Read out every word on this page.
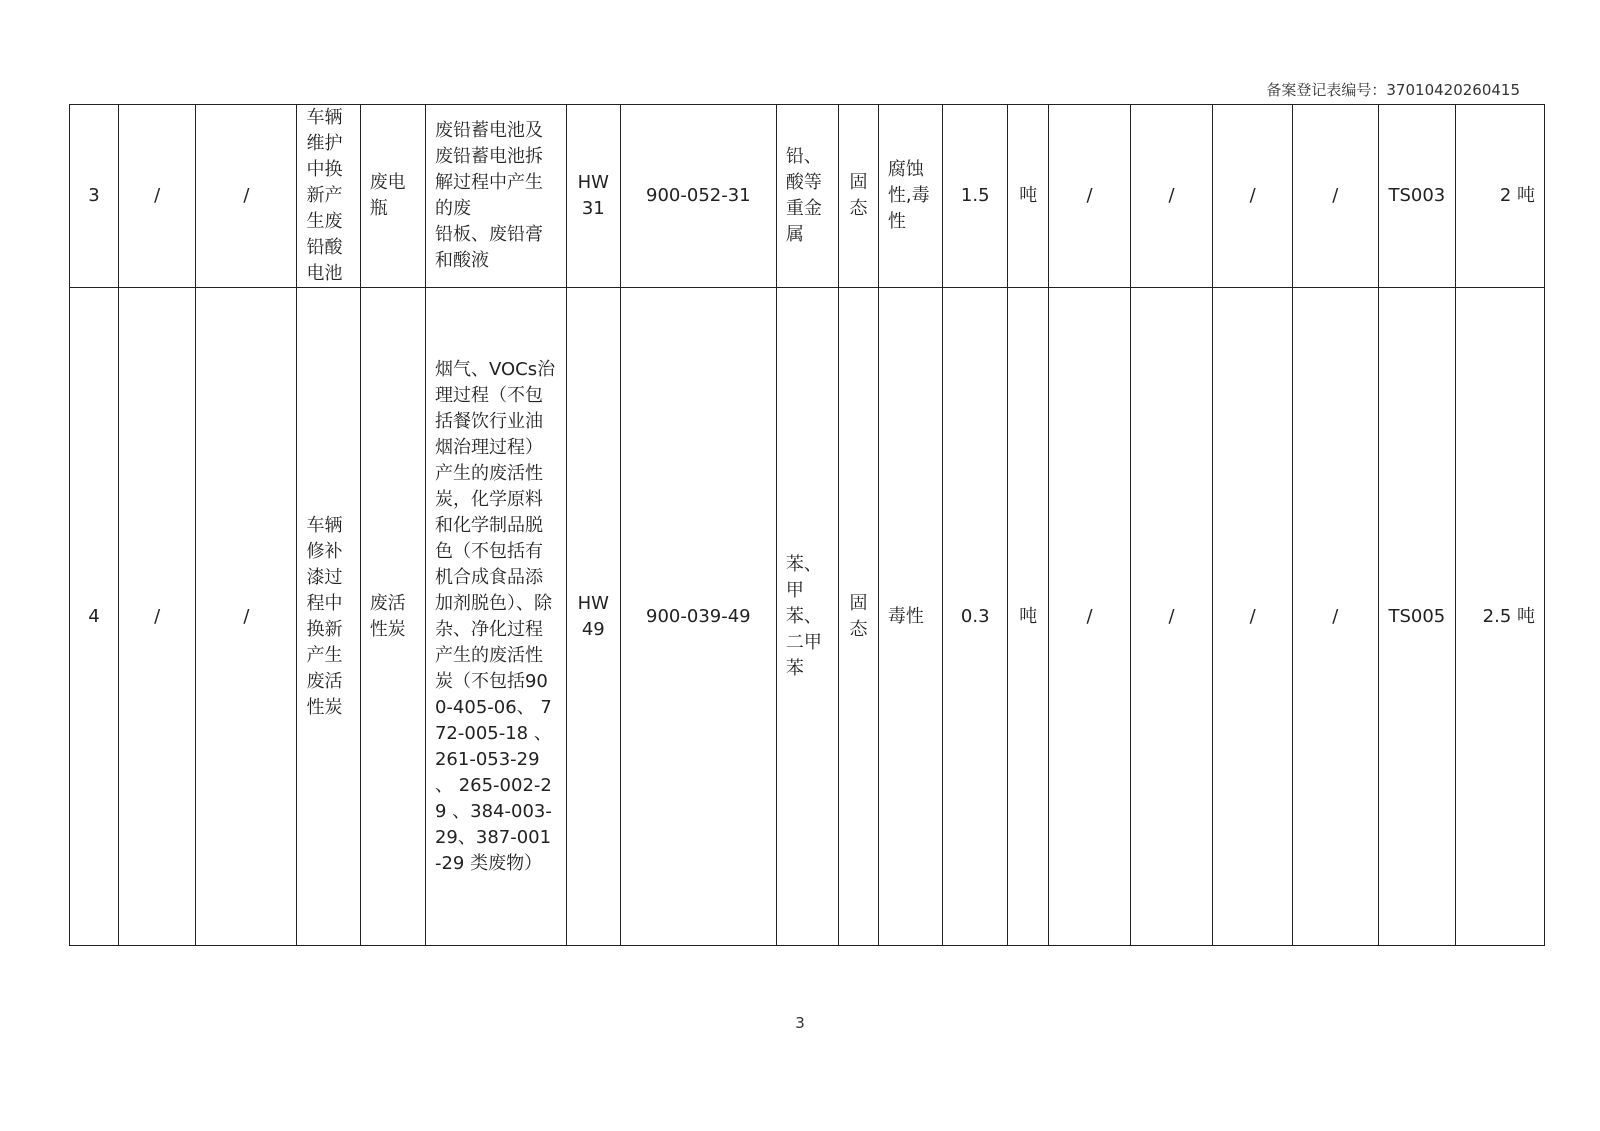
备案登记表编号：37010420260415
3	/	/	车辆维护中换新产生废铅酸电池	废电瓶	废铅蓄电池及废铅蓄电池拆解过程中产生的废
铅板、废铅膏和酸液	HW 31	900-052-31	铅、酸等重金属	固态	腐蚀性,毒性	1.5	吨	/	/	/	/	TS003	2 吨
4	/	/	车辆修补漆过程中换新产生废活性炭	废活性炭	烟气、VOCs治理过程（不包括餐饮行业油烟治理过程）产生的废活性炭，化学原料和化学制品脱色（不包括有机合成食品添加剂脱色）、除杂、净化过程产生的废活性炭（不包括900-405-06、 772-005-18 、261-053-29 、 265-002-29 、384-003-29、387-001-29 类废物）	HW 49	900-039-49	苯、甲苯、二甲苯	固态	毒性	0.3	吨	/	/	/	/	TS005	2.5 吨
3
